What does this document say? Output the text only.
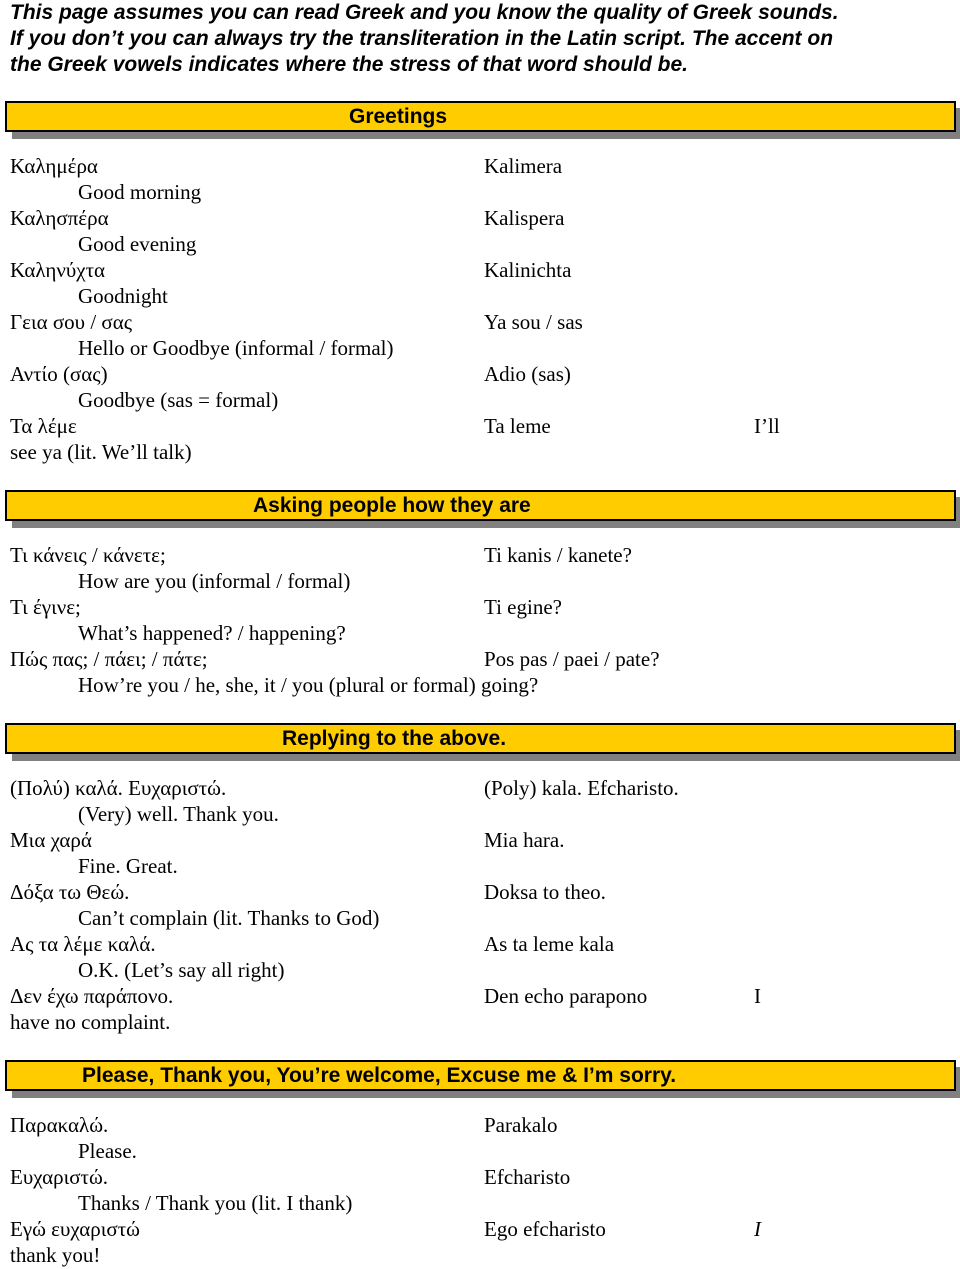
This page assumes you can read Greek and you know the quality of Greek sounds.
If you don’t you can always try the transliteration in the Latin script. The accent on
the Greek vowels indicates where the stress of that word should be.
Greetings
Καλημέρα	Kalimera
Good morning
Καλησπέρα	Kalispera
Good evening
Καληνύχτα	Kalinichta
Goodnight
Γεια σου / σας	Ya sou / sas
Hello or Goodbye (informal / formal)
Αντίο (σας)	Adio (sas)
Goodbye (sas = formal)
Τα λέμε	Ta leme	I’ll
see ya (lit. We’ll talk)
Asking people how they are
Τι κάνεις / κάνετε;	Ti kanis / kanete?
How are you (informal / formal)
Τι έγινε;	Ti egine?
What’s happened? / happening?
Πώς πας; / πάει; / πάτε;	Pos pas / paei / pate?
How’re you / he, she, it / you (plural or formal) going?
Replying to the above.
(Πολύ) καλά. Ευχαριστώ.	(Poly) kala. Efcharisto.
(Very) well. Thank you.
Μια χαρά	Mia hara.
Fine. Great.
Δόξα τω Θεώ.	Doksa to theo.
Can’t complain (lit. Thanks to God)
Ας τα λέμε καλά.	As ta leme kala
O.K. (Let’s say all right)
Δεν έχω παράπονο.	Den echo parapono	I
have no complaint.
Please, Thank you, You’re welcome, Excuse me & I’m sorry.
Παρακαλώ.	Parakalo
Please.
Ευχαριστώ.	Efcharisto
Thanks / Thank you (lit. I thank)
Εγώ ευχαριστώ	Ego efcharisto	I
thank you!
